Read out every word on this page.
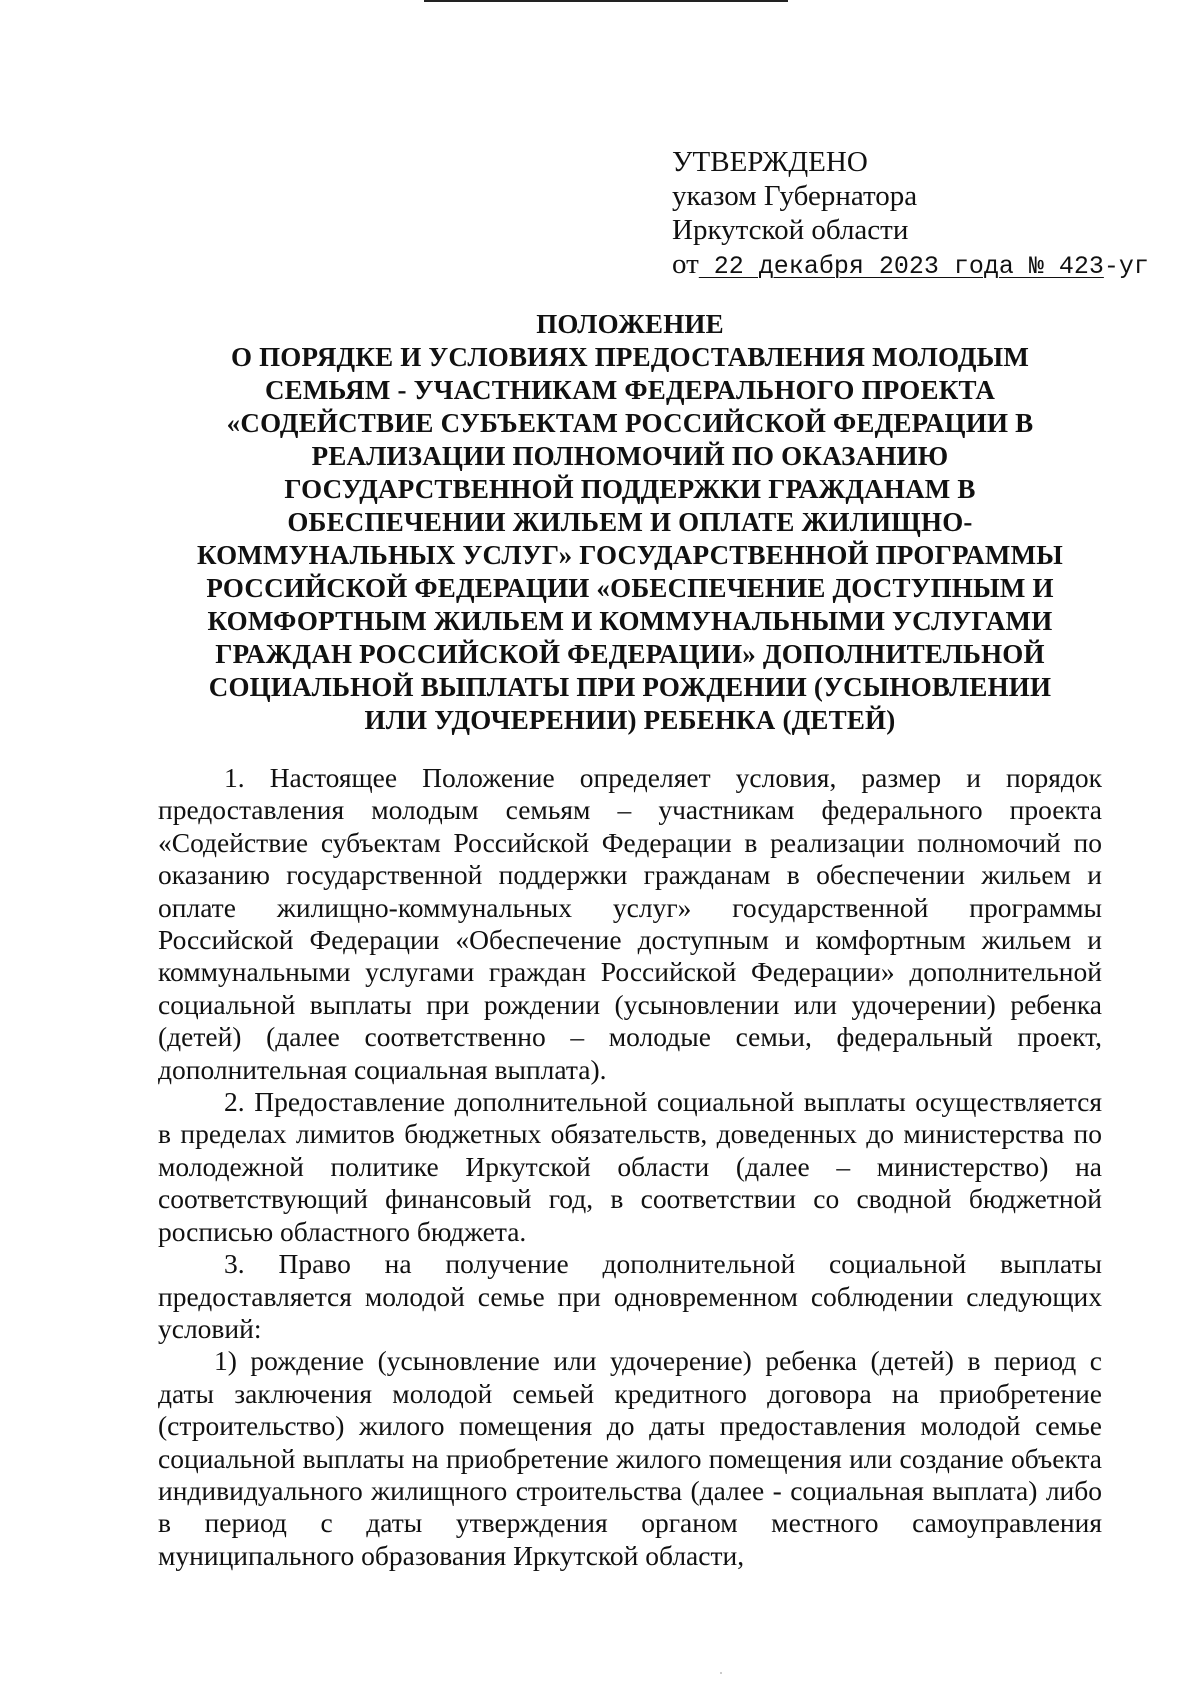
УТВЕРЖДЕНО
указом Губернатора
Иркутской области
от 22 декабря 2023 года № 423-уг
ПОЛОЖЕНИЕ
О ПОРЯДКЕ И УСЛОВИЯХ ПРЕДОСТАВЛЕНИЯ МОЛОДЫМ
СЕМЬЯМ - УЧАСТНИКАМ ФЕДЕРАЛЬНОГО ПРОЕКТА
«СОДЕЙСТВИЕ СУБЪЕКТАМ РОССИЙСКОЙ ФЕДЕРАЦИИ В
РЕАЛИЗАЦИИ ПОЛНОМОЧИЙ ПО ОКАЗАНИЮ
ГОСУДАРСТВЕННОЙ ПОДДЕРЖКИ ГРАЖДАНАМ В
ОБЕСПЕЧЕНИИ ЖИЛЬЕМ И ОПЛАТЕ ЖИЛИЩНО-
КОММУНАЛЬНЫХ УСЛУГ» ГОСУДАРСТВЕННОЙ ПРОГРАММЫ
РОССИЙСКОЙ ФЕДЕРАЦИИ «ОБЕСПЕЧЕНИЕ ДОСТУПНЫМ И
КОМФОРТНЫМ ЖИЛЬЕМ И КОММУНАЛЬНЫМИ УСЛУГАМИ
ГРАЖДАН РОССИЙСКОЙ ФЕДЕРАЦИИ» ДОПОЛНИТЕЛЬНОЙ
СОЦИАЛЬНОЙ ВЫПЛАТЫ ПРИ РОЖДЕНИИ (УСЫНОВЛЕНИИ
ИЛИ УДОЧЕРЕНИИ) РЕБЕНКА (ДЕТЕЙ)

1. Настоящее Положение определяет условия, размер и порядок предоставления молодым семьям – участникам федерального проекта «Содействие субъектам Российской Федерации в реализации полномочий по оказанию государственной поддержки гражданам в обеспечении жильем и оплате жилищно-коммунальных услуг» государственной программы Российской Федерации «Обеспечение доступным и комфортным жильем и коммунальными услугами граждан Российской Федерации» дополнительной социальной выплаты при рождении (усыновлении или удочерении) ребенка (детей) (далее соответственно – молодые семьи, федеральный проект, дополнительная социальная выплата).

2. Предоставление дополнительной социальной выплаты осуществляется в пределах лимитов бюджетных обязательств, доведенных до министерства по молодежной политике Иркутской области (далее – министерство) на соответствующий финансовый год, в соответствии со сводной бюджетной росписью областного бюджета.

3. Право на получение дополнительной социальной выплаты предоставляется молодой семье при одновременном соблюдении следующих условий:

1) рождение (усыновление или удочерение) ребенка (детей) в период с даты заключения молодой семьей кредитного договора на приобретение (строительство) жилого помещения до даты предоставления молодой семье социальной выплаты на приобретение жилого помещения или создание объекта индивидуального жилищного строительства (далее - социальная выплата) либо в период с даты утверждения органом местного самоуправления муниципального образования Иркутской области,
